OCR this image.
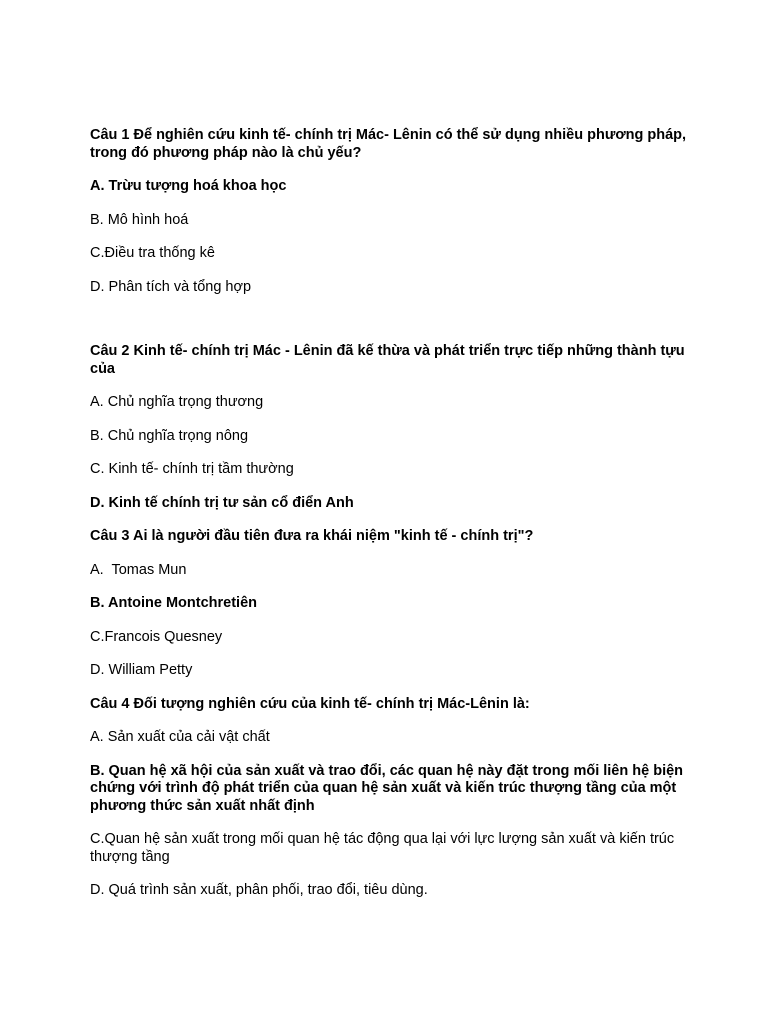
Câu 1 Để nghiên cứu kinh tế- chính trị Mác- Lênin có thể sử dụng nhiều phương pháp, trong đó phương pháp nào là chủ yếu?
A. Trừu tượng hoá khoa học
B. Mô hình hoá
C.Điều tra thống kê
D. Phân tích và tổng hợp
Câu 2 Kinh tế- chính trị Mác - Lênin đã kế thừa và phát triển trực tiếp những thành tựu của
A. Chủ nghĩa trọng thương
B. Chủ nghĩa trọng nông
C. Kinh tế- chính trị tầm thường
D. Kinh tế chính trị tư sản cổ điển Anh
Câu 3 Ai là người đầu tiên đưa ra khái niệm "kinh tế - chính trị"?
A.  Tomas Mun
B. Antoine Montchretiên
C.Francois Quesney
D. William Petty
Câu 4 Đối tượng nghiên cứu của kinh tế- chính trị Mác-Lênin là:
A. Sản xuất của cải vật chất
B. Quan hệ xã hội của sản xuất và trao đổi, các quan hệ này đặt trong mối liên hệ biện chứng với trình độ phát triển của quan hệ sản xuất và kiến trúc thượng tầng của một phương thức sản xuất nhất định
C.Quan hệ sản xuất trong mối quan hệ tác động qua lại với lực lượng sản xuất và kiến trúc thượng tầng
D. Quá trình sản xuất, phân phối, trao đổi, tiêu dùng.
